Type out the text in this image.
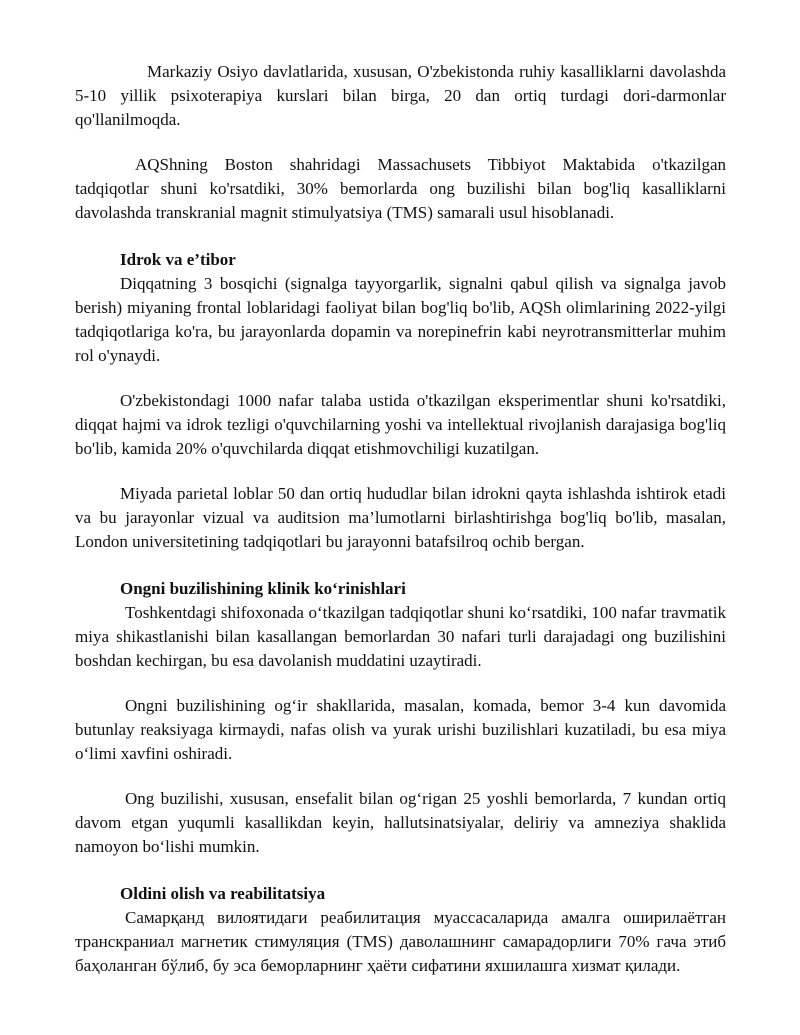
Markaziy Osiyo davlatlarida, xususan, O'zbekistonda ruhiy kasalliklarni davolashda 5-10 yillik psixoterapiya kurslari bilan birga, 20 dan ortiq turdagi dori-darmonlar qo'llanilmoqda.

AQShning Boston shahridagi Massachusets Tibbiyot Maktabida o'tkazilgan tadqiqotlar shuni ko'rsatdiki, 30% bemorlarda ong buzilishi bilan bog'liq kasalliklarni davolashda transkranial magnit stimulyatsiya (TMS) samarali usul hisoblanadi.

Idrok va e’tibor

Diqqatning 3 bosqichi (signalga tayyorgarlik, signalni qabul qilish va signalga javob berish) miyaning frontal loblaridagi faoliyat bilan bog'liq bo'lib, AQSh olimlarining 2022-yilgi tadqiqotlariga ko'ra, bu jarayonlarda dopamin va norepinefrin kabi neyrotransmitterlar muhim rol o'ynaydi.

O'zbekistondagi 1000 nafar talaba ustida o'tkazilgan eksperimentlar shuni ko'rsatdiki, diqqat hajmi va idrok tezligi o'quvchilarning yoshi va intellektual rivojlanish darajasiga bog'liq bo'lib, kamida 20% o'quvchilarda diqqat etishmovchiligi kuzatilgan.

Miyada parietal loblar 50 dan ortiq hududlar bilan idrokni qayta ishlashda ishtirok etadi va bu jarayonlar vizual va auditsion ma’lumotlarni birlashtirishga bog'liq bo'lib, masalan, London universitetining tadqiqotlari bu jarayonni batafsilroq ochib bergan.

Ongni buzilishining klinik ko‘rinishlari

Toshkentdagi shifoxonada o‘tkazilgan tadqiqotlar shuni ko‘rsatdiki, 100 nafar travmatik miya shikastlanishi bilan kasallangan bemorlardan 30 nafari turli darajadagi ong buzilishini boshdan kechirgan, bu esa davolanish muddatini uzaytiradi.

Ongni buzilishining og‘ir shakllarida, masalan, komada, bemor 3-4 kun davomida butunlay reaksiyaga kirmaydi, nafas olish va yurak urishi buzilishlari kuzatiladi, bu esa miya o‘limi xavfini oshiradi.

Ong buzilishi, xususan, ensefalit bilan og‘rigan 25 yoshli bemorlarda, 7 kundan ortiq davom etgan yuqumli kasallikdan keyin, hallutsinatsiyalar, deliriy va amneziya shaklida namoyon bo‘lishi mumkin.

Oldini olish va reabilitatsiya

Самарқанд вилоятидаги реабилитация муассасаларида амалга оширилаётган транскраниал магнетик стимуляция (TMS) даволашнинг самарадорлиги 70% гача этиб баҳоланган бўлиб, бу эса беморларнинг ҳаёти сифатини яхшилашга хизмат қилади.
